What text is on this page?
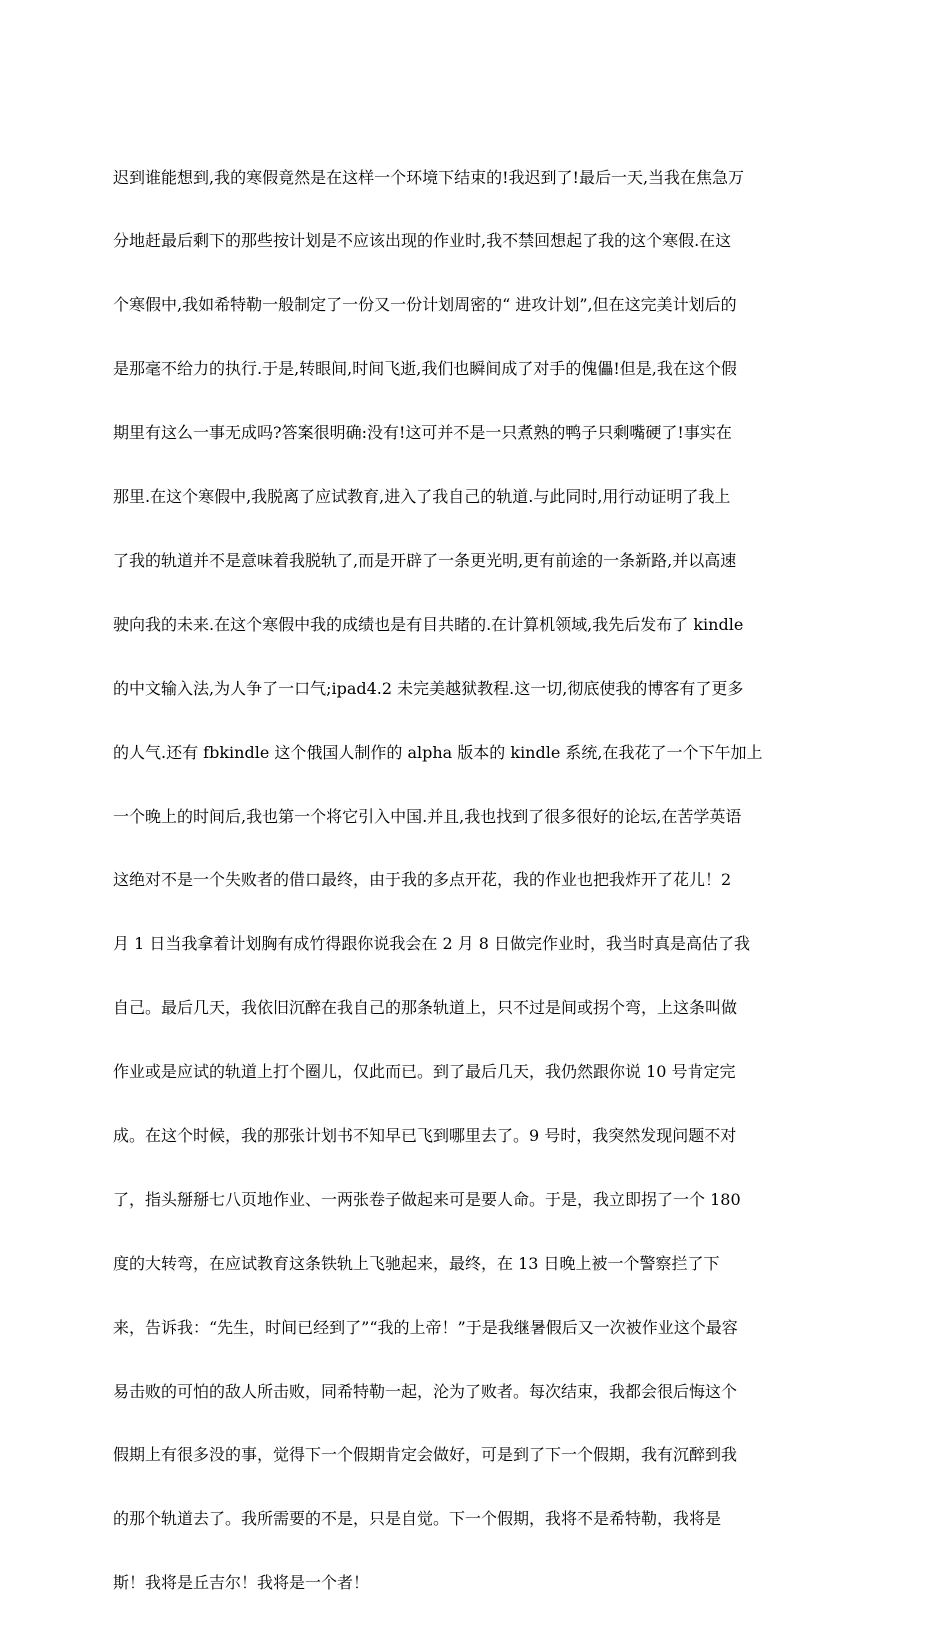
迟到谁能想到,我的寒假竟然是在这样一个环境下结束的!我迟到了!最后一天,当我在焦急万

分地赶最后剩下的那些按计划是不应该出现的作业时,我不禁回想起了我的这个寒假.在这

个寒假中,我如希特勒一般制定了一份又一份计划周密的“ 进攻计划”,但在这完美计划后的

是那毫不给力的执行.于是,转眼间,时间飞逝,我们也瞬间成了对手的傀儡!但是,我在这个假

期里有这么一事无成吗?答案很明确:没有!这可并不是一只煮熟的鸭子只剩嘴硬了!事实在

那里.在这个寒假中,我脱离了应试教育,进入了我自己的轨道.与此同时,用行动证明了我上

了我的轨道并不是意味着我脱轨了,而是开辟了一条更光明,更有前途的一条新路,并以高速

驶向我的未来.在这个寒假中我的成绩也是有目共睹的.在计算机领域,我先后发布了 kindle

的中文输入法,为人争了一口气;ipad4.2 未完美越狱教程.这一切,彻底使我的博客有了更多

的人气.还有 fbkindle 这个俄国人制作的 alpha 版本的 kindle 系统,在我花了一个下午加上

一个晚上的时间后,我也第一个将它引入中国.并且,我也找到了很多很好的论坛,在苦学英语

这绝对不是一个失败者的借口最终，由于我的多点开花，我的作业也把我炸开了花儿！2

月 1 日当我拿着计划胸有成竹得跟你说我会在 2 月 8 日做完作业时，我当时真是高估了我

自己。最后几天，我依旧沉醉在我自己的那条轨道上，只不过是间或拐个弯，上这条叫做

作业或是应试的轨道上打个圈儿，仅此而已。到了最后几天，我仍然跟你说 10 号肯定完

成。在这个时候，我的那张计划书不知早已飞到哪里去了。9 号时，我突然发现问题不对

了，指头掰掰七八页地作业、一两张卷子做起来可是要人命。于是，我立即拐了一个 180

度的大转弯，在应试教育这条铁轨上飞驰起来，最终，在 13 日晚上被一个警察拦了下

来，告诉我：“先生，时间已经到了”“我的上帝！”于是我继暑假后又一次被作业这个最容

易击败的可怕的敌人所击败，同希特勒一起，沦为了败者。每次结束，我都会很后悔这个

假期上有很多没的事，觉得下一个假期肯定会做好，可是到了下一个假期，我有沉醉到我

的那个轨道去了。我所需要的不是，只是自觉。下一个假期，我将不是希特勒，我将是

斯！我将是丘吉尔！我将是一个者！
